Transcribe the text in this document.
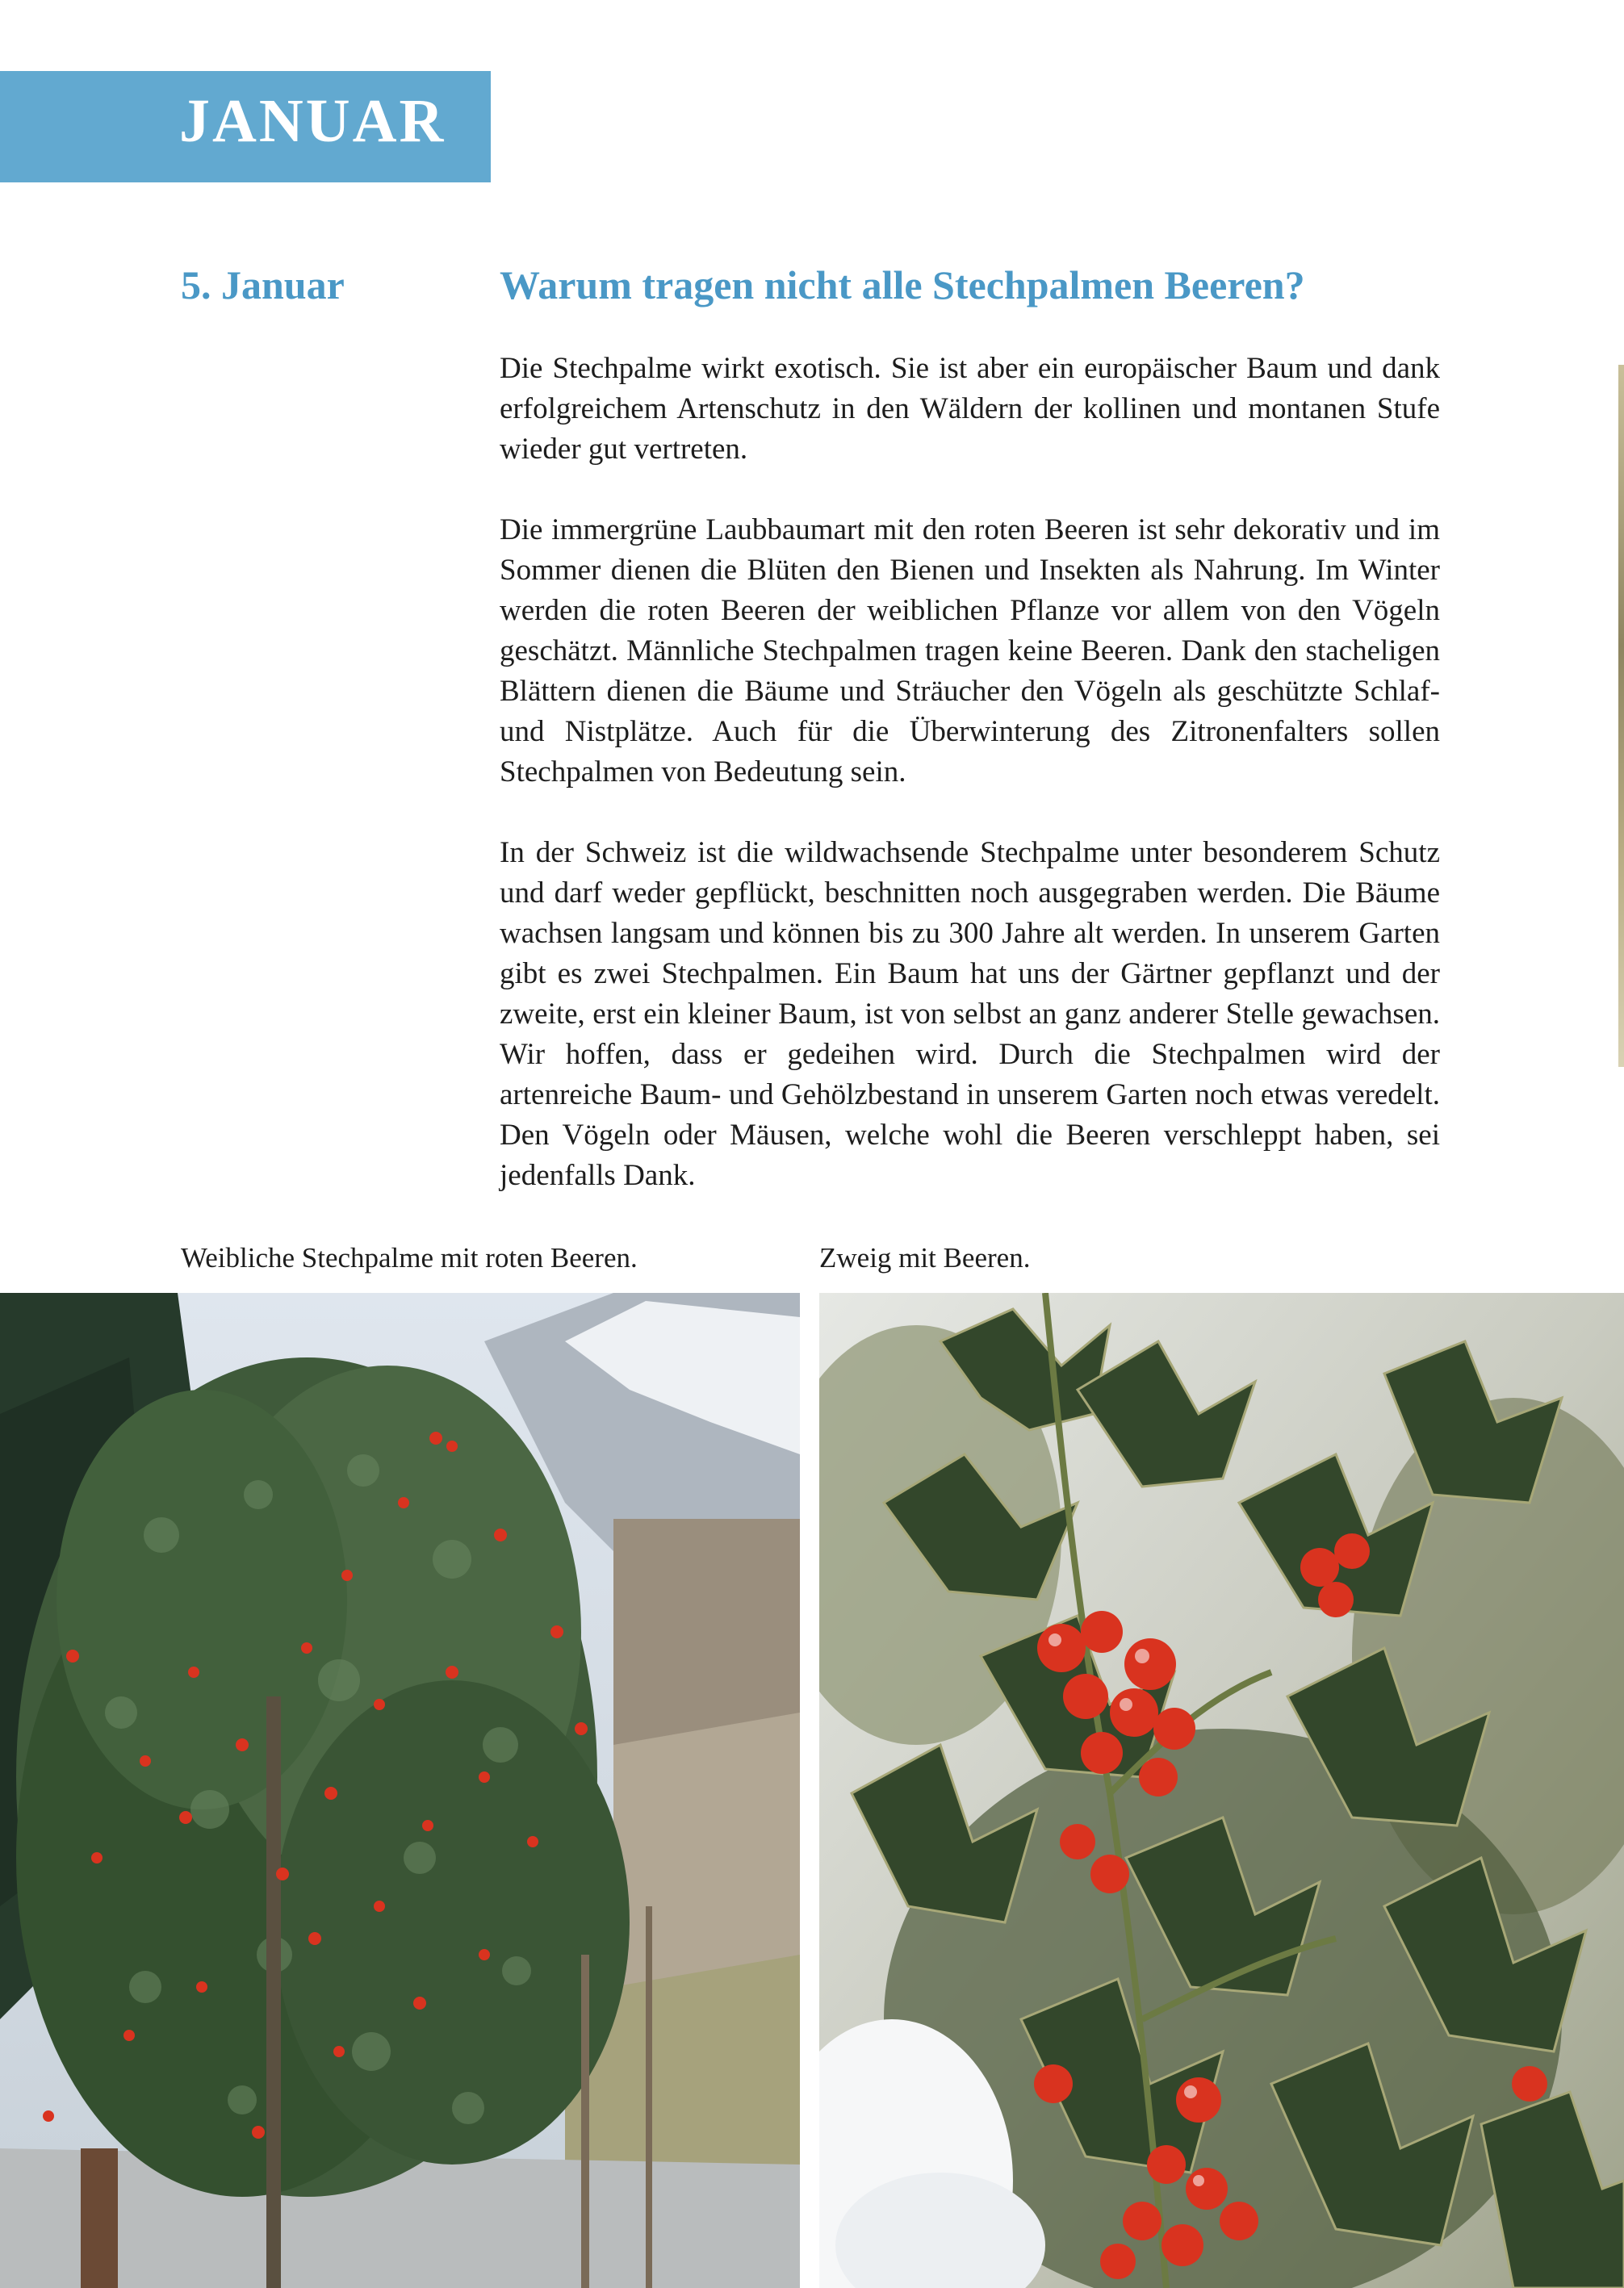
JANUAR
5. Januar	Warum tragen nicht alle Stechpalmen Beeren?

Die Stechpalme wirkt exotisch. Sie ist aber ein europäischer Baum und dank erfolgreichem Artenschutz in den Wäldern der kollinen und montanen Stufe wieder gut vertreten.

Die immergrüne Laubbaumart mit den roten Beeren ist sehr dekorativ und im Sommer dienen die Blüten den Bienen und Insekten als Nahrung. Im Winter werden die roten Beeren der weiblichen Pflanze vor allem von den Vögeln geschätzt. Männliche Stechpalmen tragen keine Beeren. Dank den stacheligen Blättern dienen die Bäume und Sträucher den Vögeln als geschützte Schlaf- und Nistplätze. Auch für die Überwinterung des Zitronenfalters sollen Stechpalmen von Bedeutung sein.

In der Schweiz ist die wildwachsende Stechpalme unter besonderem Schutz und darf weder gepflückt, beschnitten noch ausgegraben werden. Die Bäume wachsen langsam und können bis zu 300 Jahre alt werden. In unserem Garten gibt es zwei Stechpalmen. Ein Baum hat uns der Gärtner gepflanzt und der zweite, erst ein kleiner Baum, ist von selbst an ganz anderer Stelle gewachsen. Wir hoffen, dass er gedeihen wird. Durch die Stechpalmen wird der artenreiche Baum- und Gehölzbestand in unserem Garten noch etwas veredelt. Den Vögeln oder Mäusen, welche wohl die Beeren verschleppt haben, sei jedenfalls Dank.

Weibliche Stechpalme mit roten Beeren.	Zweig mit Beeren.
